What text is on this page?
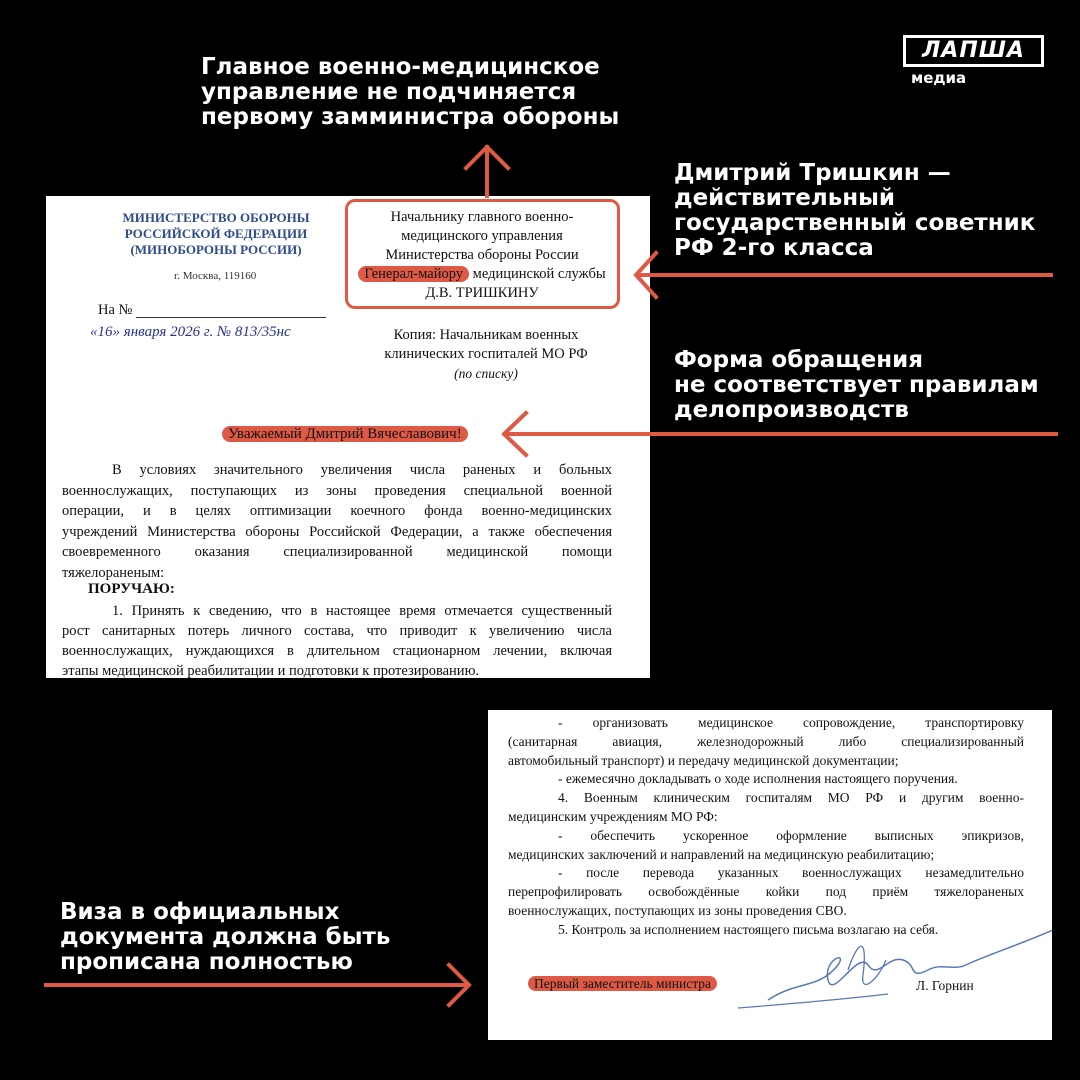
ЛАПША
медиа

Главное военно-медицинское
управление не подчиняется
первому замминистра обороны

Дмитрий Тришкин —
действительный
государственный советник
РФ 2-го класса

Форма обращения
не соответствует правилам
делопроизводств

Виза в официальных
документа должна быть
прописана полностью

МИНИСТЕРСТВО ОБОРОНЫ
РОССИЙСКОЙ ФЕДЕРАЦИИ
(МИНОБОРОНЫ РОССИИ)
г. Москва, 119160
Начальнику главного военно-
медицинского управления
Министерства обороны России
Генерал-майору медицинской службы
Д.В. ТРИШКИНУ
На №
«16» января 2026 г. № 813/35нс	Копия: Начальникам военных
клинических госпиталей МО РФ
(по списку)
Уважаемый Дмитрий Вячеславович!
В условиях значительного увеличения числа раненых и больных
военнослужащих, поступающих из зоны проведения специальной военной
операции, и в целях оптимизации коечного фонда военно-медицинских
учреждений Министерства обороны Российской Федерации, а также обеспечения
своевременного оказания специализированной медицинской помощи
тяжелораненым:
ПОРУЧАЮ:
1. Принять к сведению, что в настоящее время отмечается существенный
рост санитарных потерь личного состава, что приводит к увеличению числа
военнослужащих, нуждающихся в длительном стационарном лечении, включая
этапы медицинской реабилитации и подготовки к протезированию.
- организовать медицинское сопровождение, транспортировку
(санитарная авиация, железнодорожный либо специализированный
автомобильный транспорт) и передачу медицинской документации;
- ежемесячно докладывать о ходе исполнения настоящего поручения.
4. Военным клиническим госпиталям МО РФ и другим военно-
медицинским учреждениям МО РФ:
- обеспечить ускоренное оформление выписных эпикризов,
медицинских заключений и направлений на медицинскую реабилитацию;
- после перевода указанных военнослужащих незамедлительно
перепрофилировать освобождённые койки под приём тяжелораненых
военнослужащих, поступающих из зоны проведения СВО.
5. Контроль за исполнением настоящего письма возлагаю на себя.
Первый заместитель министра	Л. Горнин
